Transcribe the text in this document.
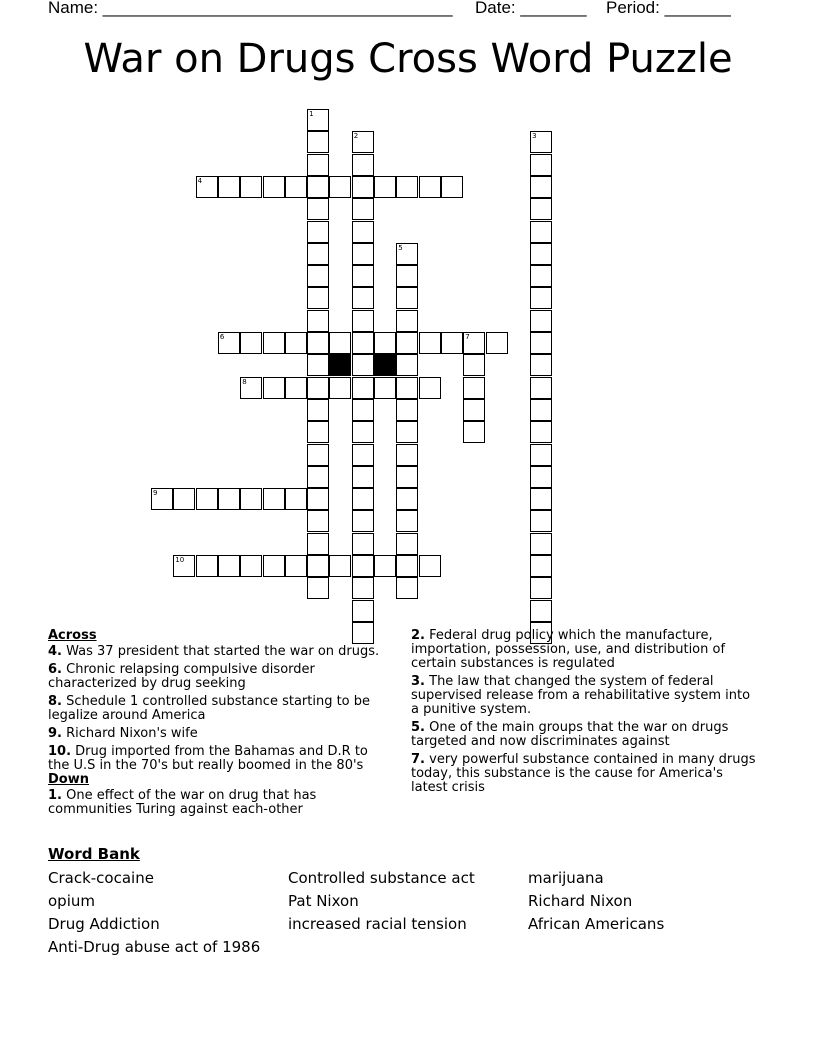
Name: _____________________________________ Date: _______ Period: _______
War on Drugs Cross Word Puzzle
4
6	7
8
9
10
1
2	3
5
Across
4. Was 37 president that started the war on drugs.
6. Chronic relapsing compulsive disorder characterized by drug seeking
8. Schedule 1 controlled substance starting to be legalize around America
9. Richard Nixon's wife
10. Drug imported from the Bahamas and D.R to the U.S in the 70's but really boomed in the 80's
Down
1. One effect of the war on drug that has communities Turing against each-other
2. Federal drug policy which the manufacture, importation, possession, use, and distribution of certain substances is regulated
3. The law that changed the system of federal supervised release from a rehabilitative system into a punitive system.
5. One of the main groups that the war on drugs targeted and now discriminates against
7. very powerful substance contained in many drugs today, this substance is the cause for America's latest crisis
Word Bank
Crack-cocaine	Controlled substance act	marijuana
opium	Pat Nixon	Richard Nixon
Drug Addiction	increased racial tension	African Americans
Anti-Drug abuse act of 1986
